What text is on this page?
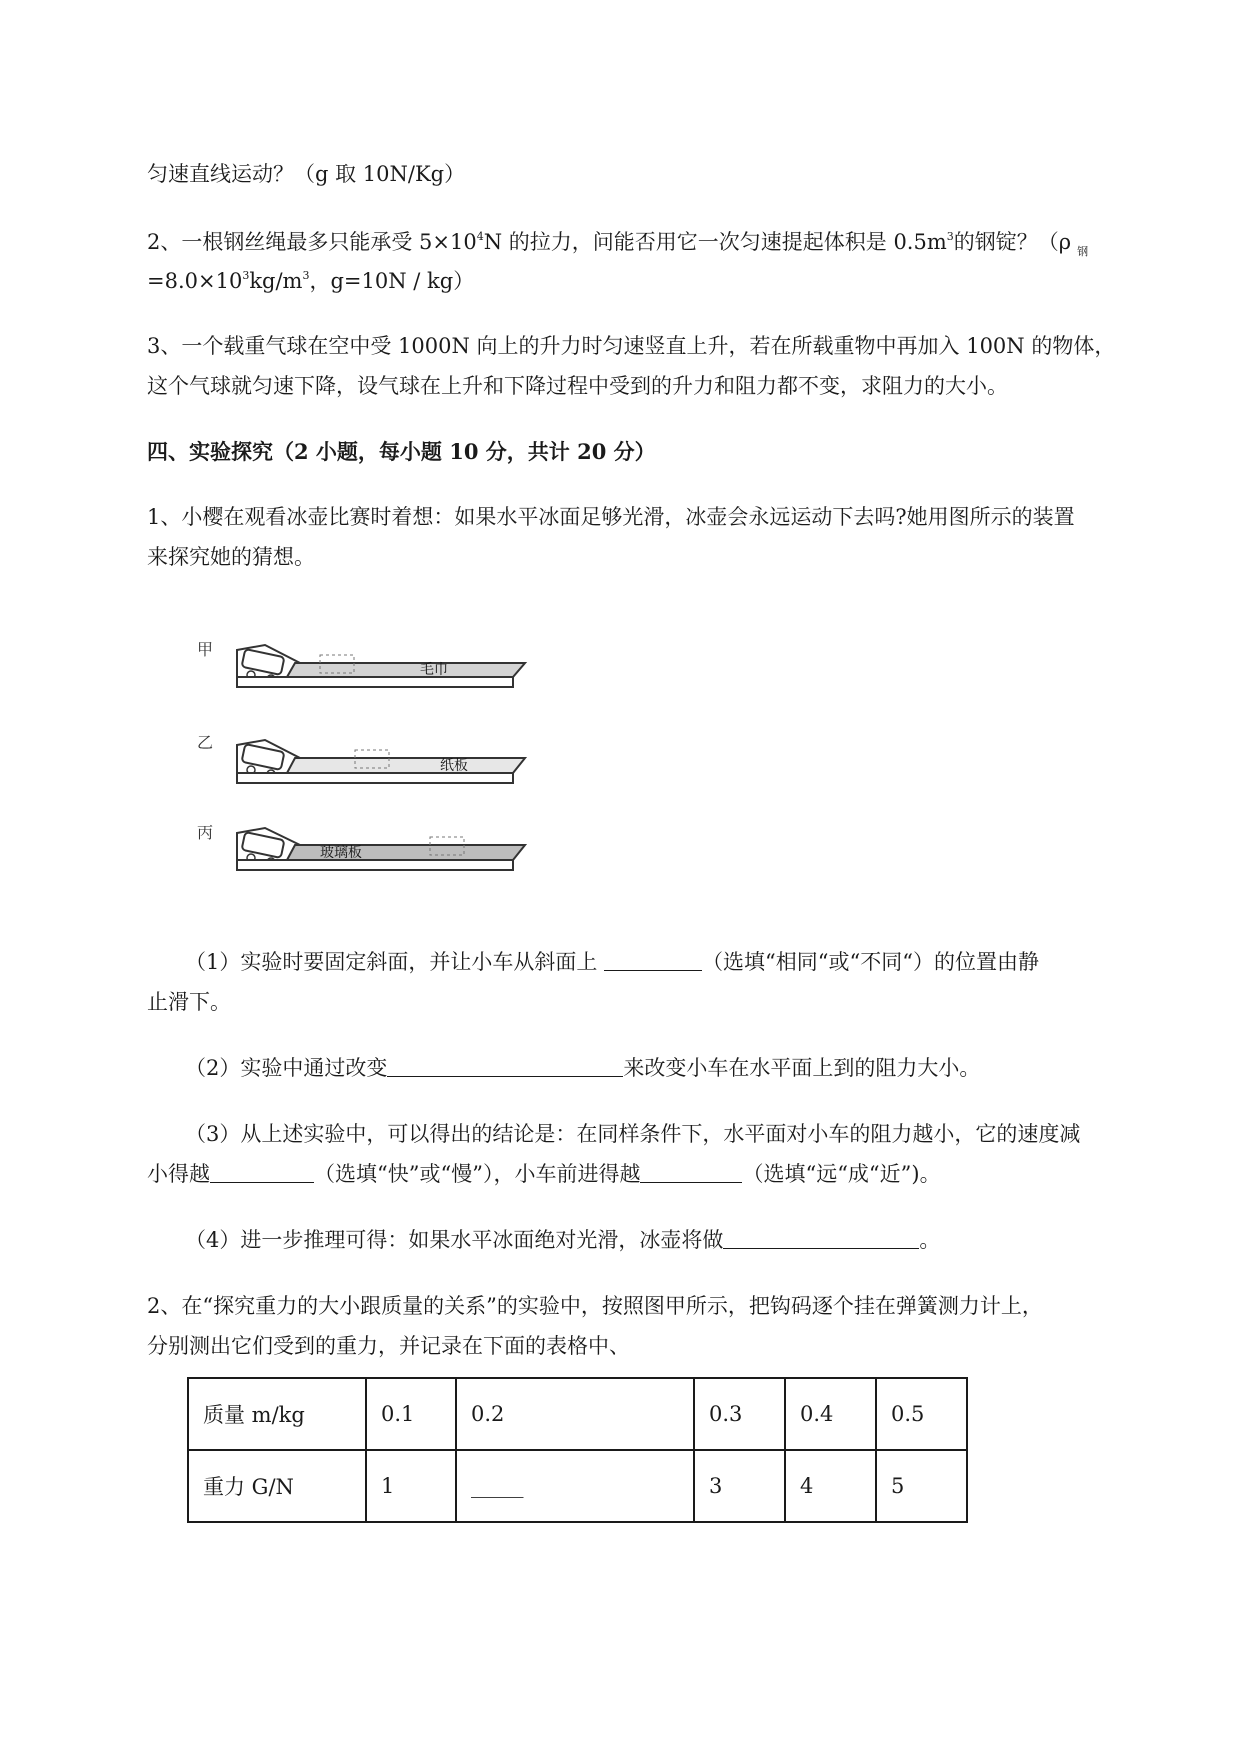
匀速直线运动？（g 取 10N/Kg）
2、一根钢丝绳最多只能承受 $5\times 10^4N$ 的拉力，问能否用它一次匀速提起体积是 $0.5m^3$的钢锭？（ρ $_钢$
$=8.0\times 10^3kg/m^3$，g=10N / kg）
3、一个载重气球在空中受 1000N 向上的升力时匀速竖直上升，若在所载重物中再加入 100N 的物体，
这个气球就匀速下降，设气球在上升和下降过程中受到的升力和阻力都不变，求阻力的大小。
四、实验探究（2 小题，每小题 10 分，共计 20 分）
1、小樱在观看冰壶比赛时着想：如果水平冰面足够光滑，冰壶会永远运动下去吗?她用图所示的装置
来探究她的猜想。
甲
毛巾
乙
纸板
丙
玻璃板
（1）实验时要固定斜面，并让小车从斜面上	（选填“相同“或“不同“）的位置由静
止滑下。
（2）实验中通过改变	来改变小车在水平面上到的阻力大小。
（3）从上述实验中，可以得出的结论是：在同样条件下，水平面对小车的阻力越小，它的速度减
小得越	（选填“快”或“慢”），小车前进得越	（选填“远“成“近”)。
（4）进一步推理可得：如果水平冰面绝对光滑，冰壶将做	。
2、在“探究重力的大小跟质量的关系”的实验中，按照图甲所示，把钩码逐个挂在弹簧测力计上，
分别测出它们受到的重力，并记录在下面的表格中、
质量 m/kg	0.1	0.2	0.3	0.4	0.5
重力 G/N	1	_____	3	4	5
